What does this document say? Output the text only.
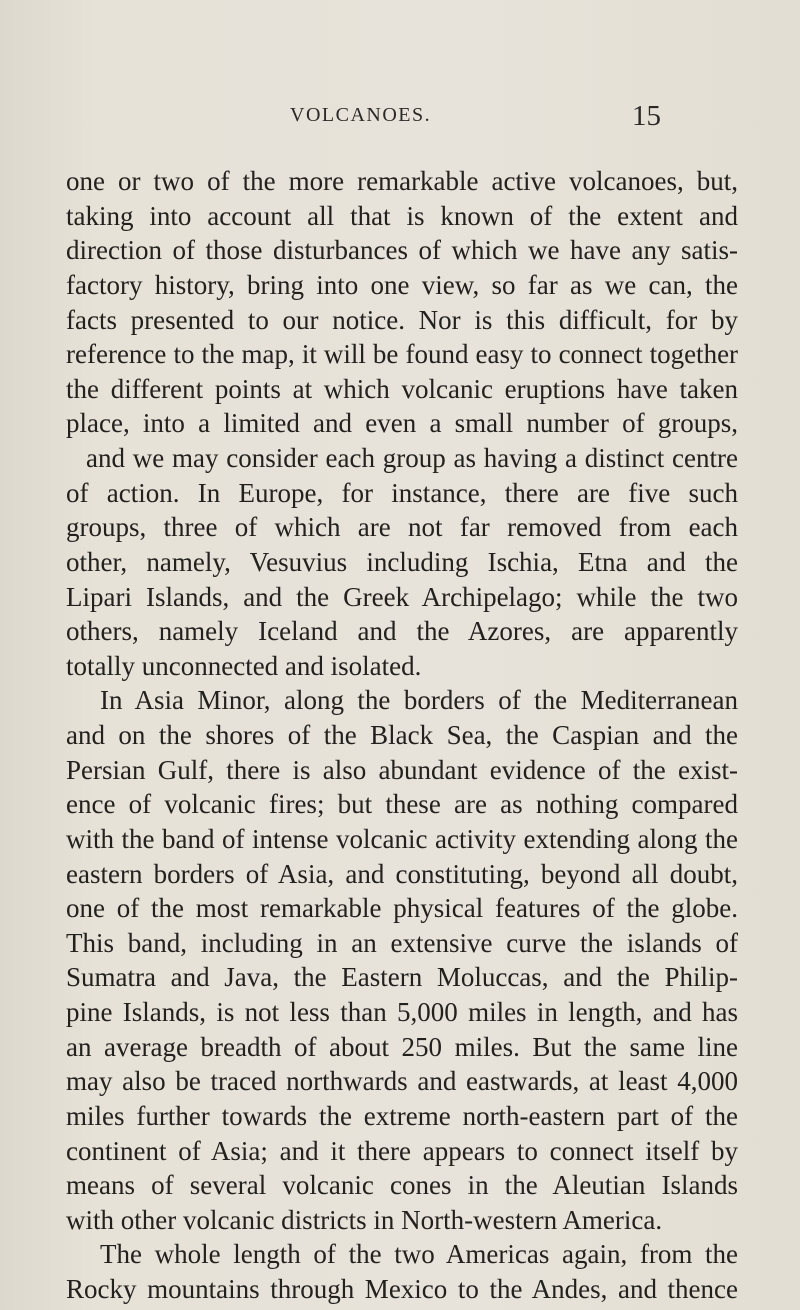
VOLCANOES.	15
one or two of the more remarkable active volcanoes, but,
taking into account all that is known of the extent and
direction of those disturbances of which we have any satis-
factory history, bring into one view, so far as we can, the
facts presented to our notice. Nor is this difficult, for by
reference to the map, it will be found easy to connect together
the different points at which volcanic eruptions have taken
place, into a limited and even a small number of groups,
and we may consider each group as having a distinct centre
of action. In Europe, for instance, there are five such
groups, three of which are not far removed from each
other, namely, Vesuvius including Ischia, Etna and the
Lipari Islands, and the Greek Archipelago; while the two
others, namely Iceland and the Azores, are apparently
totally unconnected and isolated.
In Asia Minor, along the borders of the Mediterranean
and on the shores of the Black Sea, the Caspian and the
Persian Gulf, there is also abundant evidence of the exist-
ence of volcanic fires; but these are as nothing compared
with the band of intense volcanic activity extending along the
eastern borders of Asia, and constituting, beyond all doubt,
one of the most remarkable physical features of the globe.
This band, including in an extensive curve the islands of
Sumatra and Java, the Eastern Moluccas, and the Philip-
pine Islands, is not less than 5,000 miles in length, and has
an average breadth of about 250 miles. But the same line
may also be traced northwards and eastwards, at least 4,000
miles further towards the extreme north-eastern part of the
continent of Asia; and it there appears to connect itself by
means of several volcanic cones in the Aleutian Islands
with other volcanic districts in North-western America.
The whole length of the two Americas again, from the
Rocky mountains through Mexico to the Andes, and thence
